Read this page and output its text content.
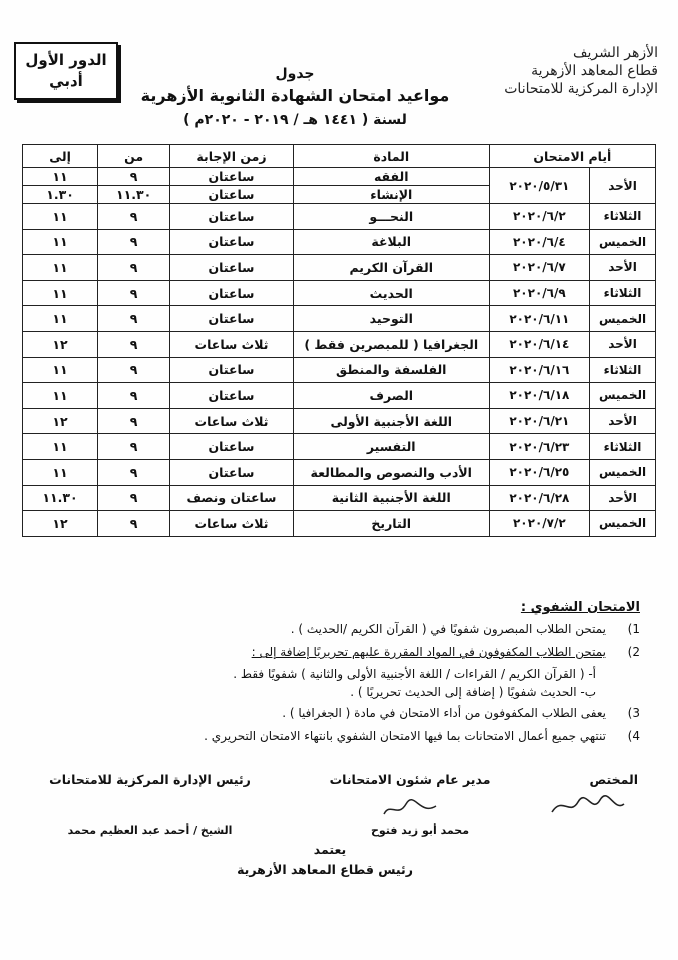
الدور الأول
أدبي
الأزهر الشريف
قطاع المعاهد الأزهرية
الإدارة المركزية للامتحانات
جدول
مواعيد امتحان الشهادة الثانوية الأزهرية
لسنة ( ١٤٤١ هـ / ٢٠١٩ - ٢٠٢٠م )
أيام الامتحان		المادة	زمن الإجابة	من	إلى
الأحد	٢٠٢٠/٥/٣١	الفقه	ساعتان	٩	١١
		الإنشاء	ساعتان	١١.٣٠	١.٣٠
الثلاثاء	٢٠٢٠/٦/٢	النحـــو	ساعتان	٩	١١
الخميس	٢٠٢٠/٦/٤	البلاغة	ساعتان	٩	١١
الأحد	٢٠٢٠/٦/٧	القرآن الكريم	ساعتان	٩	١١
الثلاثاء	٢٠٢٠/٦/٩	الحديث	ساعتان	٩	١١
الخميس	٢٠٢٠/٦/١١	التوحيد	ساعتان	٩	١١
الأحد	٢٠٢٠/٦/١٤	الجغرافيا ( للمبصرين فقط )	ثلاث ساعات	٩	١٢
الثلاثاء	٢٠٢٠/٦/١٦	الفلسفة والمنطق	ساعتان	٩	١١
الخميس	٢٠٢٠/٦/١٨	الصرف	ساعتان	٩	١١
الأحد	٢٠٢٠/٦/٢١	اللغة الأجنبية الأولى	ثلاث ساعات	٩	١٢
الثلاثاء	٢٠٢٠/٦/٢٣	التفسير	ساعتان	٩	١١
الخميس	٢٠٢٠/٦/٢٥	الأدب والنصوص والمطالعة	ساعتان	٩	١١
الأحد	٢٠٢٠/٦/٢٨	اللغة الأجنبية الثانية	ساعتان ونصف	٩	١١.٣٠
الخميس	٢٠٢٠/٧/٢	التاريخ	ثلاث ساعات	٩	١٢
الامتحان الشفوي :
1)
يمتحن الطلاب المبصرون شفويًا في ( القرآن الكريم /الحديث ) .
2)
يمتحن الطلاب المكفوفون في المواد المقررة عليهم تحريريًا إضافة إلى :
أ- ( القرآن الكريم / القراءات / اللغة الأجنبية الأولى والثانية ) شفويًا فقط .
ب- الحديث شفويًا ( إضافة إلى الحديث تحريريًا ) .
3)
يعفى الطلاب المكفوفون من أداء الامتحان في مادة ( الجغرافيا ) .
4)
تنتهي جميع أعمال الامتحانات بما فيها الامتحان الشفوي بانتهاء الامتحان التحريري .
المختص
مدير عام شئون الامتحانات
محمد أبو زيد فتوح
رئيس الإدارة المركزية للامتحانات
الشيخ / أحمد عبد العظيم محمد
يعتمد
رئيس قطاع المعاهد الأزهرية
